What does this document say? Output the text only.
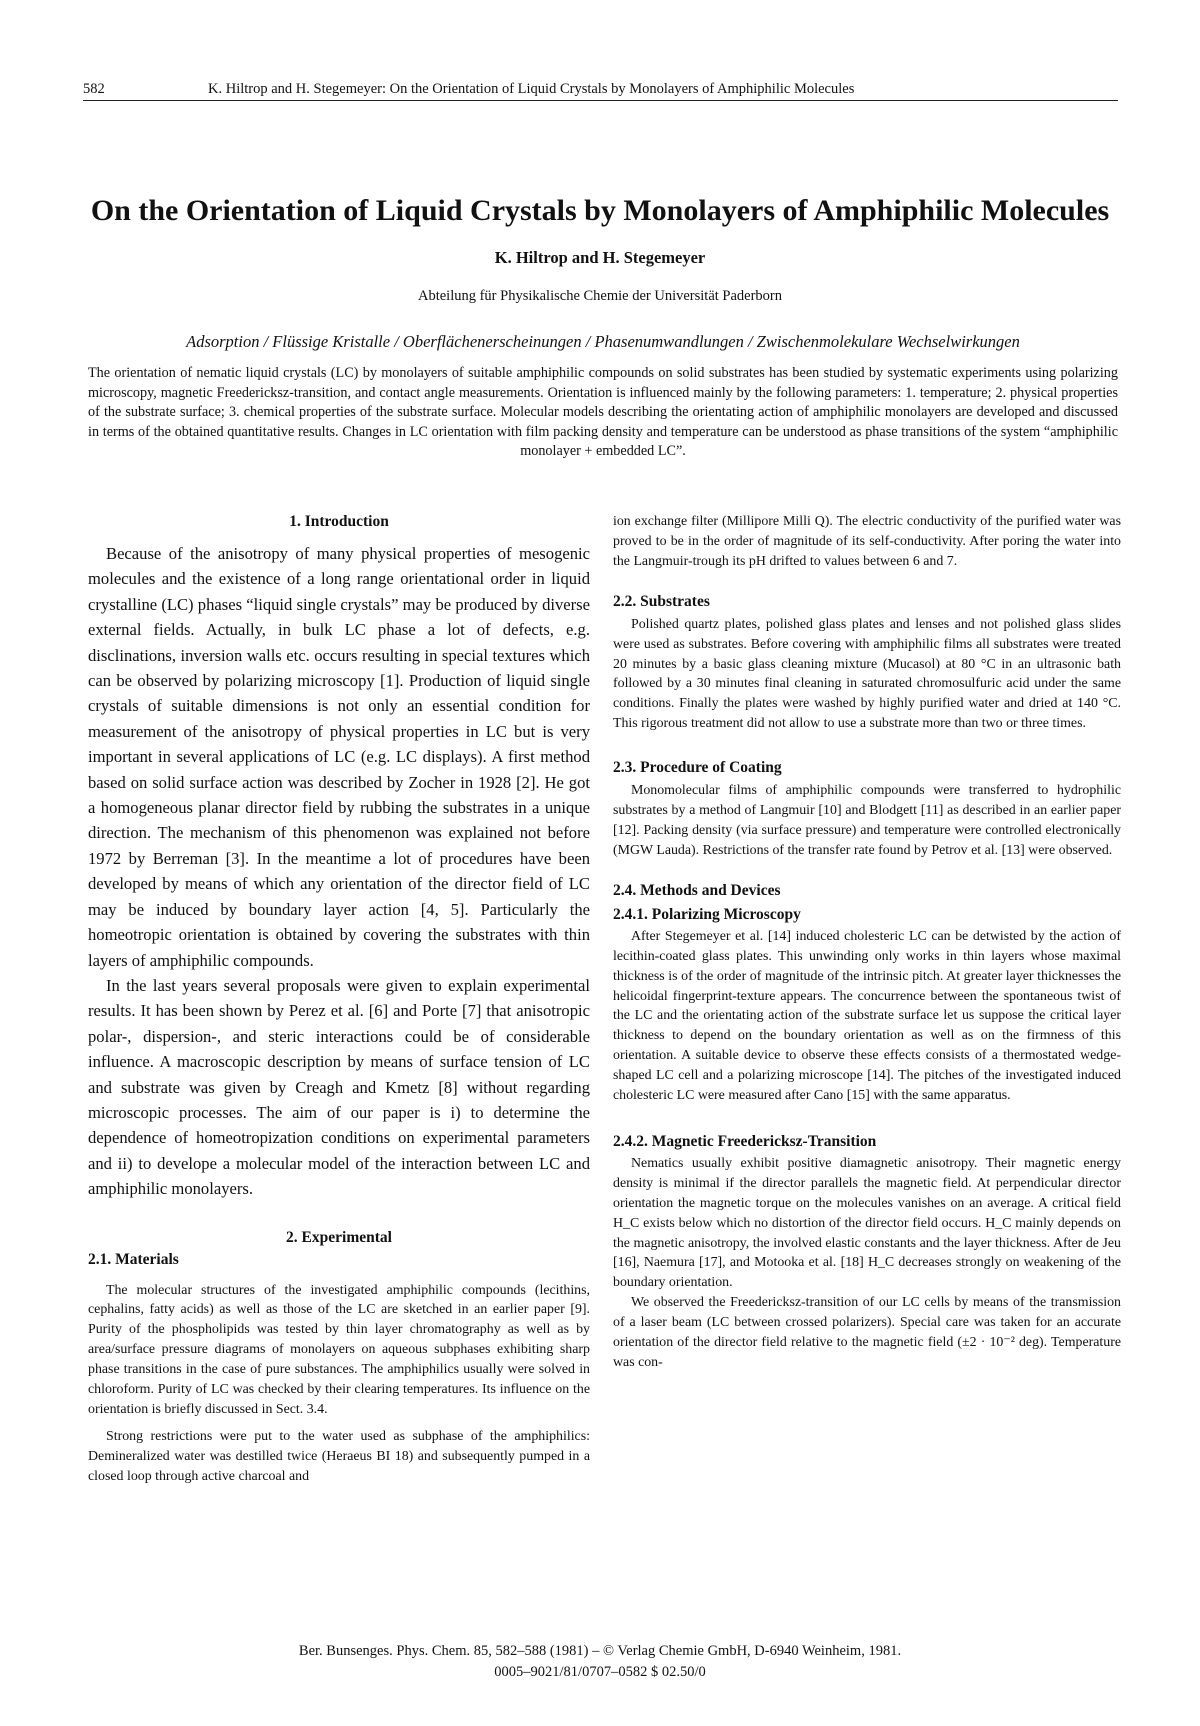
582	K. Hiltrop and H. Stegemeyer: On the Orientation of Liquid Crystals by Monolayers of Amphiphilic Molecules
On the Orientation of Liquid Crystals by Monolayers of Amphiphilic Molecules
K. Hiltrop and H. Stegemeyer
Abteilung für Physikalische Chemie der Universität Paderborn
Adsorption / Flüssige Kristalle / Oberflächenerscheinungen / Phasenumwandlungen / Zwischenmolekulare Wechselwirkungen

The orientation of nematic liquid crystals (LC) by monolayers of suitable amphiphilic compounds on solid substrates has been studied by systematic experiments using polarizing microscopy, magnetic Freedericksz-transition, and contact angle measurements. Orientation is influenced mainly by the following parameters: 1. temperature; 2. physical properties of the substrate surface; 3. chemical properties of the substrate surface. Molecular models describing the orientating action of amphiphilic monolayers are developed and discussed in terms of the obtained quantitative results. Changes in LC orientation with film packing density and temperature can be understood as phase transitions of the system “amphiphilic monolayer + embedded LC”.

1. Introduction

Because of the anisotropy of many physical properties of mesogenic molecules and the existence of a long range orientational order in liquid crystalline (LC) phases “liquid single crystals” may be produced by diverse external fields. Actually, in bulk LC phase a lot of defects, e.g. disclinations, inversion walls etc. occurs resulting in special textures which can be observed by polarizing microscopy [1]. Production of liquid single crystals of suitable dimensions is not only an essential condition for measurement of the anisotropy of physical properties in LC but is very important in several applications of LC (e.g. LC displays). A first method based on solid surface action was described by Zocher in 1928 [2]. He got a homogeneous planar director field by rubbing the substrates in a unique direction. The mechanism of this phenomenon was explained not before 1972 by Berreman [3]. In the meantime a lot of procedures have been developed by means of which any orientation of the director field of LC may be induced by boundary layer action [4, 5]. Particularly the homeotropic orientation is obtained by covering the substrates with thin layers of amphiphilic compounds.

In the last years several proposals were given to explain experimental results. It has been shown by Perez et al. [6] and Porte [7] that anisotropic polar-, dispersion-, and steric interactions could be of considerable influence. A macroscopic description by means of surface tension of LC and substrate was given by Creagh and Kmetz [8] without regarding microscopic processes. The aim of our paper is i) to determine the dependence of homeotropization conditions on experimental parameters and ii) to develope a molecular model of the interaction between LC and amphiphilic monolayers.

2. Experimental
2.1. Materials

The molecular structures of the investigated amphiphilic compounds (lecithins, cephalins, fatty acids) as well as those of the LC are sketched in an earlier paper [9]. Purity of the phospholipids was tested by thin layer chromatography as well as by area/surface pressure diagrams of monolayers on aqueous subphases exhibiting sharp phase transitions in the case of pure substances. The amphiphilics usually were solved in chloroform. Purity of LC was checked by their clearing temperatures. Its influence on the orientation is briefly discussed in Sect. 3.4.

Strong restrictions were put to the water used as subphase of the amphiphilics: Demineralized water was destilled twice (Heraeus BI 18) and subsequently pumped in a closed loop through active charcoal and

ion exchange filter (Millipore Milli Q). The electric conductivity of the purified water was proved to be in the order of magnitude of its self-conductivity. After poring the water into the Langmuir-trough its pH drifted to values between 6 and 7.

2.2. Substrates

Polished quartz plates, polished glass plates and lenses and not polished glass slides were used as substrates. Before covering with amphiphilic films all substrates were treated 20 minutes by a basic glass cleaning mixture (Mucasol) at 80 °C in an ultrasonic bath followed by a 30 minutes final cleaning in saturated chromosulfuric acid under the same conditions. Finally the plates were washed by highly purified water and dried at 140 °C. This rigorous treatment did not allow to use a substrate more than two or three times.

2.3. Procedure of Coating

Monomolecular films of amphiphilic compounds were transferred to hydrophilic substrates by a method of Langmuir [10] and Blodgett [11] as described in an earlier paper [12]. Packing density (via surface pressure) and temperature were controlled electronically (MGW Lauda). Restrictions of the transfer rate found by Petrov et al. [13] were observed.

2.4. Methods and Devices
2.4.1. Polarizing Microscopy

After Stegemeyer et al. [14] induced cholesteric LC can be detwisted by the action of lecithin-coated glass plates. This unwinding only works in thin layers whose maximal thickness is of the order of magnitude of the intrinsic pitch. At greater layer thicknesses the helicoidal fingerprint-texture appears. The concurrence between the spontaneous twist of the LC and the orientating action of the substrate surface let us suppose the critical layer thickness to depend on the boundary orientation as well as on the firmness of this orientation. A suitable device to observe these effects consists of a thermostated wedge-shaped LC cell and a polarizing microscope [14]. The pitches of the investigated induced cholesteric LC were measured after Cano [15] with the same apparatus.

2.4.2. Magnetic Freedericksz-Transition

Nematics usually exhibit positive diamagnetic anisotropy. Their magnetic energy density is minimal if the director parallels the magnetic field. At perpendicular director orientation the magnetic torque on the molecules vanishes on an average. A critical field H_C exists below which no distortion of the director field occurs. H_C mainly depends on the magnetic anisotropy, the involved elastic constants and the layer thickness. After de Jeu [16], Naemura [17], and Motooka et al. [18] H_C decreases strongly on weakening of the boundary orientation.

We observed the Freedericksz-transition of our LC cells by means of the transmission of a laser beam (LC between crossed polarizers). Special care was taken for an accurate orientation of the director field relative to the magnetic field (±2 · 10⁻² deg). Temperature was con-

Ber. Bunsenges. Phys. Chem. 85, 582–588 (1981) – © Verlag Chemie GmbH, D-6940 Weinheim, 1981.
0005–9021/81/0707–0582 $ 02.50/0
